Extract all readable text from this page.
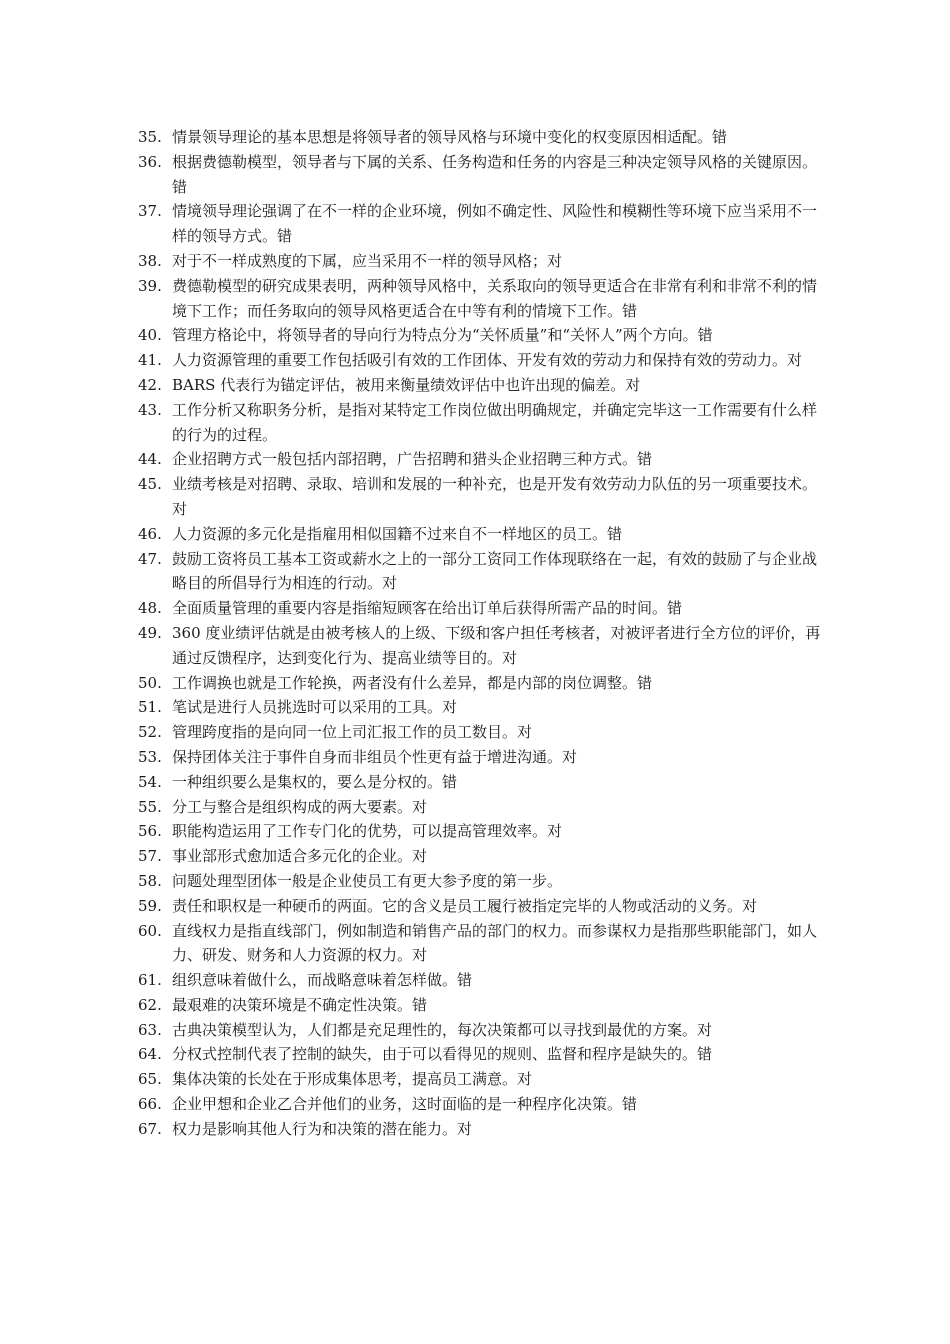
35. 情景领导理论的基本思想是将领导者的领导风格与环境中变化的权变原因相适配。错
36. 根据费德勒模型，领导者与下属的关系、任务构造和任务的内容是三种决定领导风格的关键原因。错
37. 情境领导理论强调了在不一样的企业环境，例如不确定性、风险性和模糊性等环境下应当采用不一样的领导方式。错
38. 对于不一样成熟度的下属，应当采用不一样的领导风格；对
39. 费德勒模型的研究成果表明，两种领导风格中，关系取向的领导更适合在非常有利和非常不利的情境下工作；而任务取向的领导风格更适合在中等有利的情境下工作。错
40. 管理方格论中，将领导者的导向行为特点分为“关怀质量”和“关怀人”两个方向。错
41. 人力资源管理的重要工作包括吸引有效的工作团体、开发有效的劳动力和保持有效的劳动力。对
42. BARS 代表行为锚定评估，被用来衡量绩效评估中也许出现的偏差。对
43. 工作分析又称职务分析，是指对某特定工作岗位做出明确规定，并确定完毕这一工作需要有什么样的行为的过程。
44. 企业招聘方式一般包括内部招聘，广告招聘和猎头企业招聘三种方式。错
45. 业绩考核是对招聘、录取、培训和发展的一种补充，也是开发有效劳动力队伍的另一项重要技术。对
46. 人力资源的多元化是指雇用相似国籍不过来自不一样地区的员工。错
47. 鼓励工资将员工基本工资或薪水之上的一部分工资同工作体现联络在一起，有效的鼓励了与企业战略目的所倡导行为相连的行动。对
48. 全面质量管理的重要内容是指缩短顾客在给出订单后获得所需产品的时间。错
49. 360 度业绩评估就是由被考核人的上级、下级和客户担任考核者，对被评者进行全方位的评价，再通过反馈程序，达到变化行为、提高业绩等目的。对
50. 工作调换也就是工作轮换，两者没有什么差异，都是内部的岗位调整。错
51. 笔试是进行人员挑选时可以采用的工具。对
52. 管理跨度指的是向同一位上司汇报工作的员工数目。对
53. 保持团体关注于事件自身而非组员个性更有益于增进沟通。对
54. 一种组织要么是集权的，要么是分权的。错
55. 分工与整合是组织构成的两大要素。对
56. 职能构造运用了工作专门化的优势，可以提高管理效率。对
57. 事业部形式愈加适合多元化的企业。对
58. 问题处理型团体一般是企业使员工有更大参予度的第一步。
59. 责任和职权是一种硬币的两面。它的含义是员工履行被指定完毕的人物或活动的义务。对
60. 直线权力是指直线部门，例如制造和销售产品的部门的权力。而参谋权力是指那些职能部门，如人力、研发、财务和人力资源的权力。对
61. 组织意味着做什么，而战略意味着怎样做。错
62. 最艰难的决策环境是不确定性决策。错
63. 古典决策模型认为，人们都是充足理性的，每次决策都可以寻找到最优的方案。对
64. 分权式控制代表了控制的缺失，由于可以看得见的规则、监督和程序是缺失的。错
65. 集体决策的长处在于形成集体思考，提高员工满意。对
66. 企业甲想和企业乙合并他们的业务，这时面临的是一种程序化决策。错
67. 权力是影响其他人行为和决策的潜在能力。对
